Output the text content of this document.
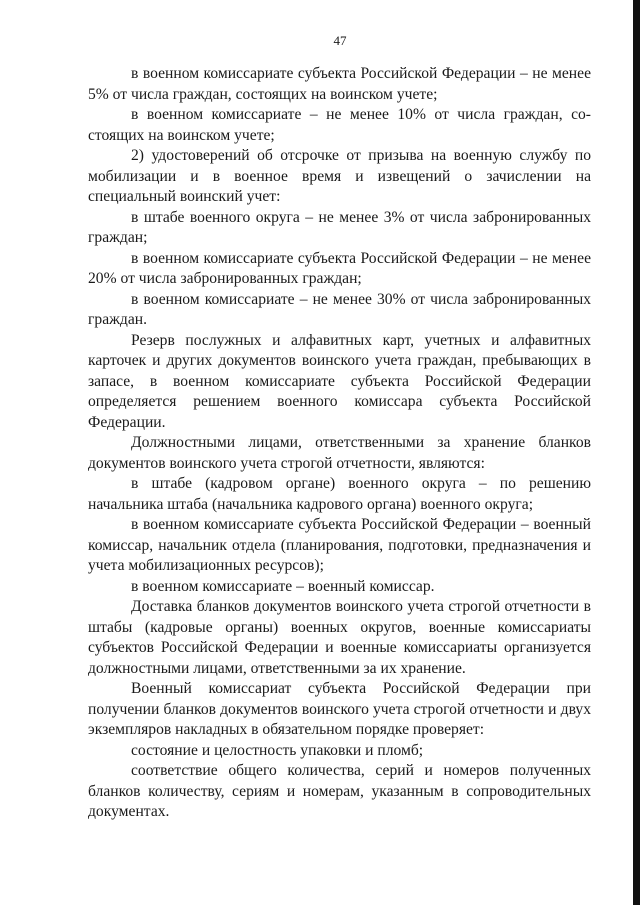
47

в военном комиссариате субъекта Российской Федерации – не менее 5% от числа граждан, состоящих на воинском учете;

в военном комиссариате – не менее 10% от числа граждан, состоящих на воинском учете;

2) удостоверений об отсрочке от призыва на военную службу по мобилизации и в военное время и извещений о зачислении на специальный воинский учет:

в штабе военного округа – не менее 3% от числа забронированных граждан;

в военном комиссариате субъекта Российской Федерации – не менее 20% от числа забронированных граждан;

в военном комиссариате – не менее 30% от числа забронированных граждан.

Резерв послужных и алфавитных карт, учетных и алфавитных карточек и других документов воинского учета граждан, пребывающих в запасе, в военном комиссариате субъекта Российской Федерации определяется решением военного комиссара субъекта Российской Федерации.

Должностными лицами, ответственными за хранение бланков документов воинского учета строгой отчетности, являются:

в штабе (кадровом органе) военного округа – по решению начальника штаба (начальника кадрового органа) военного округа;

в военном комиссариате субъекта Российской Федерации – военный комиссар, начальник отдела (планирования, подготовки, предназначения и учета мобилизационных ресурсов);

в военном комиссариате – военный комиссар.

Доставка бланков документов воинского учета строгой отчетности в штабы (кадровые органы) военных округов, военные комиссариаты субъектов Российской Федерации и военные комиссариаты организуется должностными лицами, ответственными за их хранение.

Военный комиссариат субъекта Российской Федерации при получении бланков документов воинского учета строгой отчетности и двух экземпляров накладных в обязательном порядке проверяет:

состояние и целостность упаковки и пломб;

соответствие общего количества, серий и номеров полученных бланков количеству, сериям и номерам, указанным в сопроводительных документах.
